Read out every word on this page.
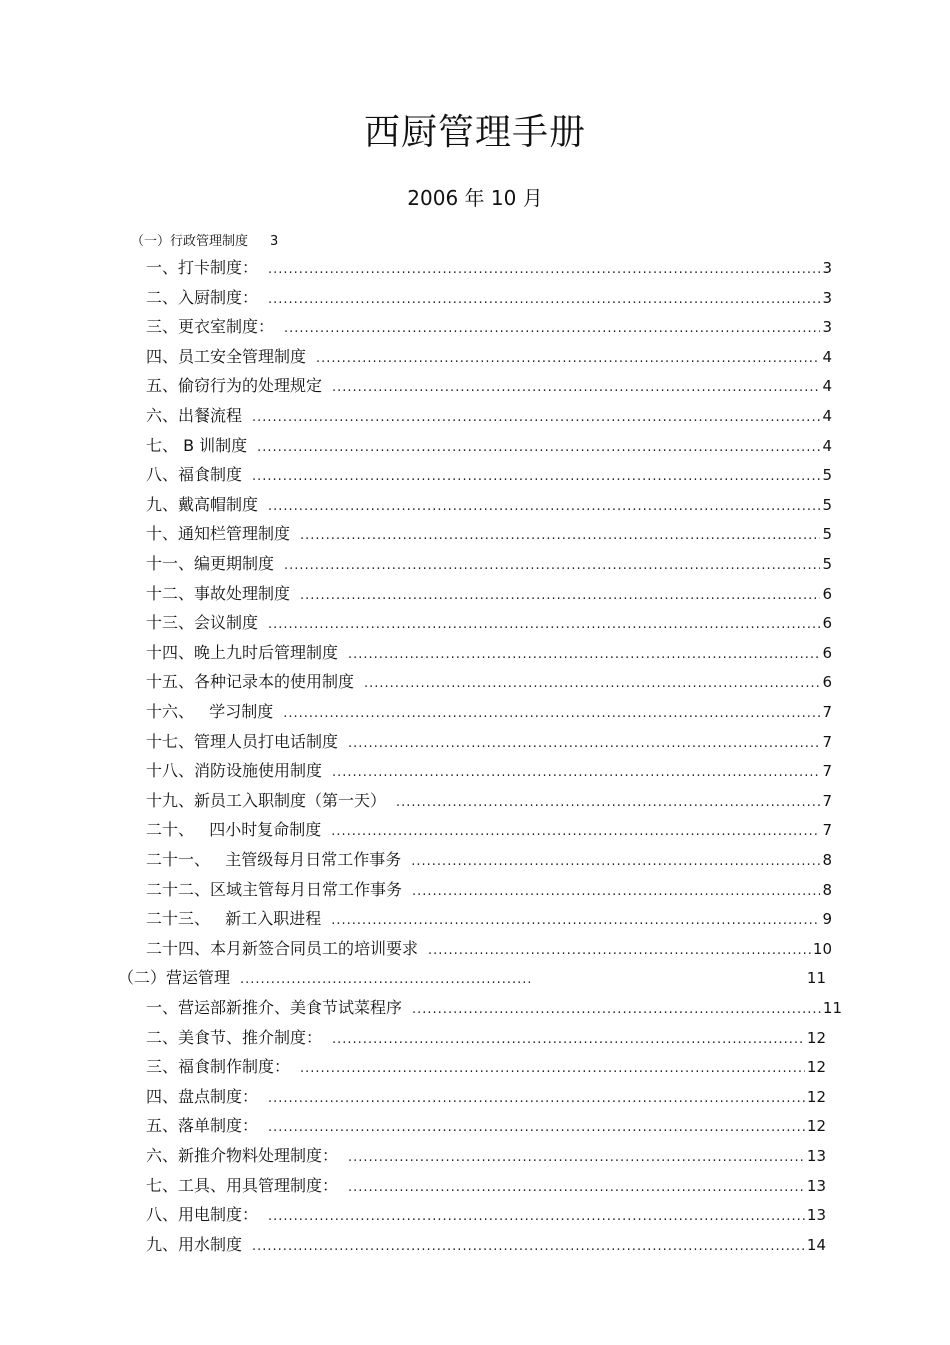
西厨管理手册
2006 年 10 月
（一）行政管理制度 3
一、打卡制度： .....	3
二、入厨制度： .....	3
三、更衣室制度： .....	3
四、员工安全管理制度 .....	4
五、偷窃行为的处理规定 .....	4
六、出餐流程 .....	4
七、 B 训制度 .....	4
八、福食制度 .....	5
九、戴高帽制度 .....	5
十、通知栏管理制度 .....	5
十一、编更期制度 .....	5
十二、事故处理制度 .....	6
十三、会议制度 .....	6
十四、晚上九时后管理制度 .....	6
十五、各种记录本的使用制度 .....	6
十六、   学习制度 .....	7
十七、管理人员打电话制度 .....	7
十八、消防设施使用制度 .....	7
十九、新员工入职制度（第一天） .....	7
二十、   四小时复命制度 .....	7
二十一、   主管级每月日常工作事务 .....	8
二十二、区域主管每月日常工作事务 .....	8
二十三、   新工入职进程 .....	9
二十四、本月新签合同员工的培训要求 .....	10
（二）营运管理 .....	11
一、营运部新推介、美食节试菜程序 .....	11
二、美食节、推介制度： .....	12
三、福食制作制度： .....	12
四、盘点制度： .....	12
五、落单制度： .....	12
六、新推介物料处理制度： .....	13
七、工具、用具管理制度： .....	13
八、用电制度： .....	13
九、用水制度 .....	14
